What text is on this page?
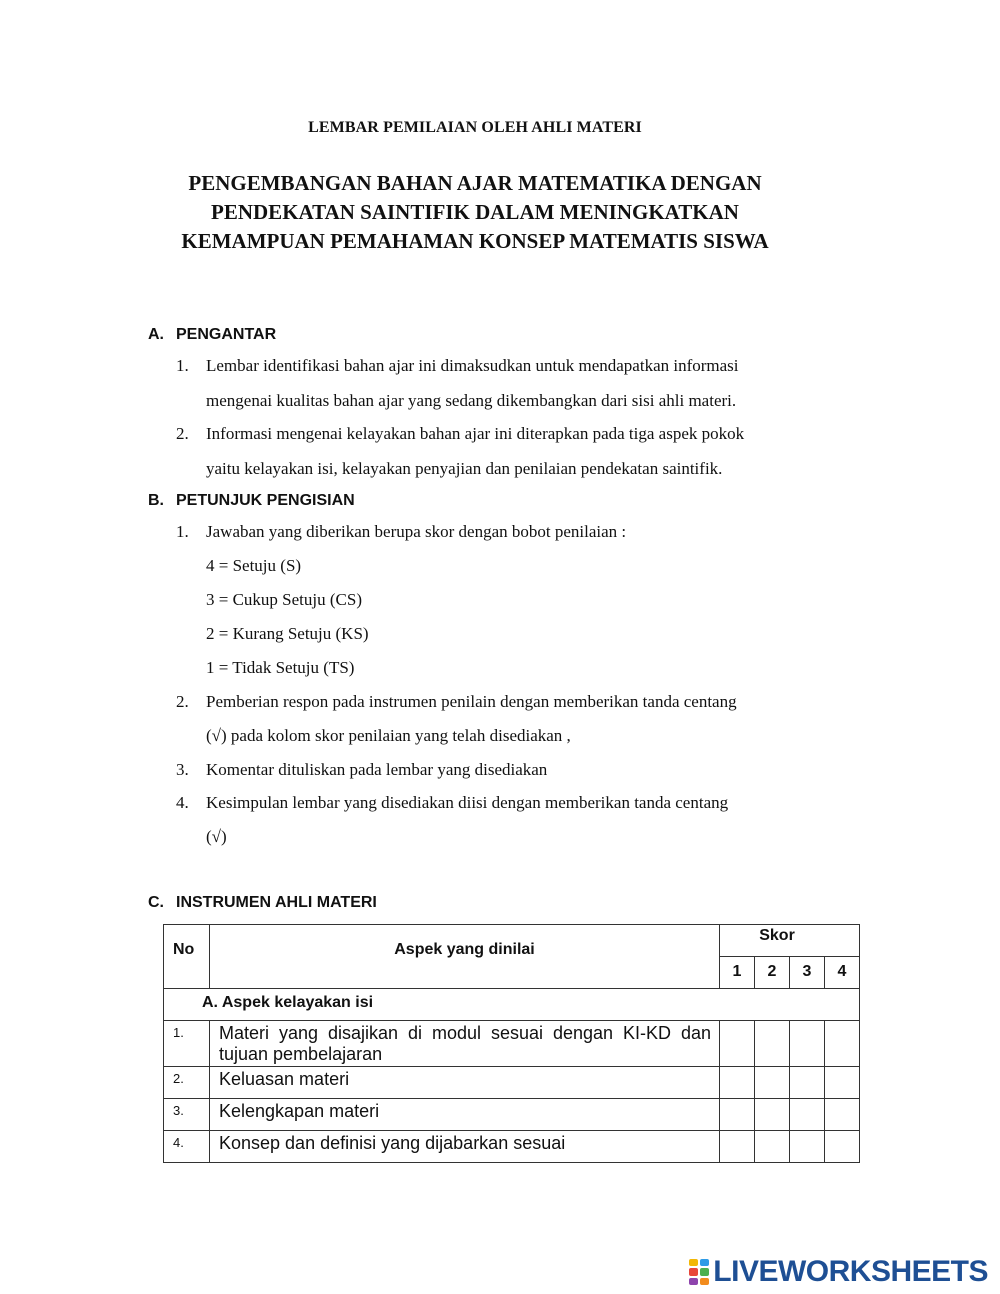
LEMBAR PEMILAIAN OLEH AHLI MATERI
PENGEMBANGAN BAHAN AJAR MATEMATIKA DENGAN
PENDEKATAN SAINTIFIK DALAM MENINGKATKAN
KEMAMPUAN PEMAHAMAN KONSEP MATEMATIS SISWA
A. PENGANTAR
1. Lembar identifikasi bahan ajar ini dimaksudkan untuk mendapatkan informasi
mengenai kualitas bahan ajar yang sedang dikembangkan dari sisi ahli materi.
2. Informasi mengenai kelayakan bahan ajar ini diterapkan pada tiga aspek pokok
yaitu kelayakan isi, kelayakan penyajian dan penilaian pendekatan saintifik.
B. PETUNJUK PENGISIAN
1. Jawaban yang diberikan berupa skor dengan bobot penilaian :
4 = Setuju (S)
3 = Cukup Setuju (CS)
2 = Kurang Setuju (KS)
1 = Tidak Setuju (TS)
2. Pemberian respon pada instrumen penilain dengan memberikan tanda centang
(√) pada kolom skor penilaian yang telah disediakan ,
3. Komentar dituliskan pada lembar yang disediakan
4. Kesimpulan lembar yang disediakan diisi dengan memberikan tanda centang
(√)
C. INSTRUMEN AHLI MATERI
No	Aspek yang dinilai	Skor			
		1	2	3	4
A. Aspek kelayakan isi					
1.	Materi yang disajikan di modul sesuai dengan KI-KD dan tujuan pembelajaran				
2.	Keluasan materi				
3.	Kelengkapan materi				
4.	Konsep dan definisi yang dijabarkan sesuai				
LIVEWORKSHEETS
